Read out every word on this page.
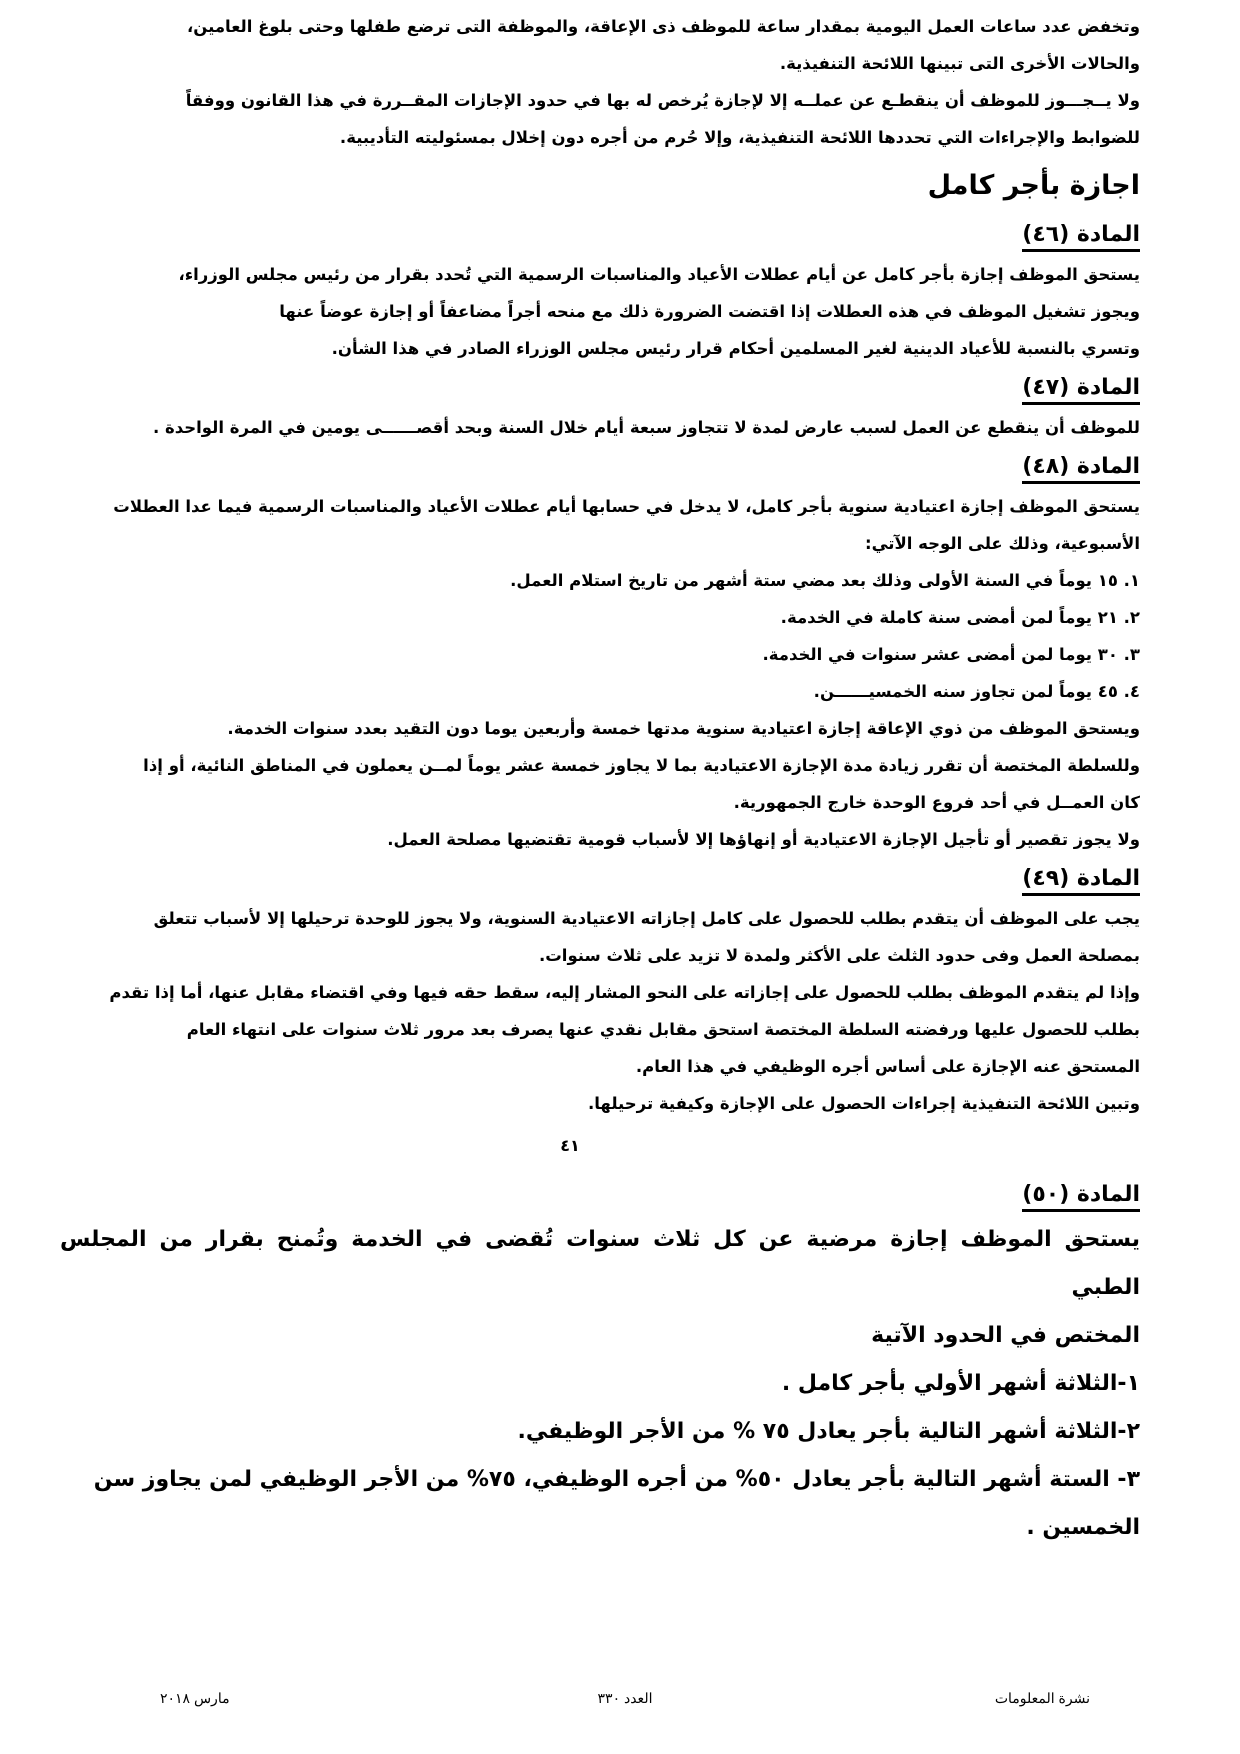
وتخفض عدد ساعات العمل اليومية بمقدار ساعة للموظف ذى الإعاقة، والموظفة التى ترضع طفلها وحتى بلوغ العامين،

والحالات الأخرى التى تبينها اللائحة التنفيذية.

ولا يــجـــوز للموظف أن ينقطـع عن عملــه إلا لإجازة يُرخص له بها في حدود الإجازات المقــررة في هذا القانون ووفقاً

للضوابط والإجراءات التي تحددها اللائحة التنفيذية، وإلا حُرم من أجره دون إخلال بمسئوليته التأديبية.

اجازة بأجر كامل
المادة (٤٦)

يستحق الموظف إجازة بأجر كامل عن أيام عطلات الأعياد والمناسبات الرسمية التي تُحدد بقرار من رئيس مجلس الوزراء،

ويجوز تشغيل الموظف في هذه العطلات إذا اقتضت الضرورة ذلك مع منحه أجراً مضاعفاً أو إجازة عوضاً عنها

وتسري بالنسبة للأعياد الدينية لغير المسلمين أحكام قرار رئيس مجلس الوزراء الصادر في هذا الشأن.

المادة (٤٧)

للموظف أن ينقطع عن العمل لسبب عارض لمدة لا تتجاوز سبعة أيام خلال السنة وبحد أقصــــــى يومين في المرة الواحدة .

المادة (٤٨)

يستحق الموظف إجازة اعتيادية سنوية بأجر كامل، لا يدخل في حسابها أيام عطلات الأعياد والمناسبات الرسمية فيما عدا العطلات

الأسبوعية، وذلك على الوجه الآتي:

١. ١٥ يوماً في السنة الأولى وذلك بعد مضي ستة أشهر من تاريخ استلام العمل.

٢. ٢١ يوماً لمن أمضى سنة كاملة في الخدمة.

٣. ٣٠ يوما لمن أمضى عشر سنوات في الخدمة.

٤. ٤٥ يوماً لمن تجاوز سنه الخمسيــــــن.

ويستحق الموظف من ذوي الإعاقة إجازة اعتيادية سنوية مدتها خمسة وأربعين يوما دون التقيد بعدد سنوات الخدمة.

وللسلطة المختصة أن تقرر زيادة مدة الإجازة الاعتيادية بما لا يجاوز خمسة عشر يوماً لمــن يعملون في المناطق النائية، أو إذا

كان العمــل في أحد فروع الوحدة خارج الجمهورية.

ولا يجوز تقصير أو تأجيل الإجازة الاعتيادية أو إنهاؤها إلا لأسباب قومية تقتضيها مصلحة العمل.

المادة (٤٩)

يجب على الموظف أن يتقدم بطلب للحصول على كامل إجازاته الاعتيادية السنوية، ولا يجوز للوحدة ترحيلها إلا لأسباب تتعلق

بمصلحة العمل وفى حدود الثلث على الأكثر ولمدة لا تزيد على ثلاث سنوات.

وإذا لم يتقدم الموظف بطلب للحصول على إجازاته على النحو المشار إليه، سقط حقه فيها وفي اقتضاء مقابل عنها، أما إذا تقدم

بطلب للحصول عليها ورفضته السلطة المختصة استحق مقابل نقدي عنها يصرف بعد مرور ثلاث سنوات على انتهاء العام

المستحق عنه الإجازة على أساس أجره الوظيفي في هذا العام.

وتبين اللائحة التنفيذية إجراءات الحصول على الإجازة وكيفية ترحيلها.

٤١
المادة (٥٠)

يستحق الموظف إجازة مرضية عن كل ثلاث سنوات تُقضى في الخدمة وتُمنح بقرار من المجلس الطبي

المختص في الحدود الآتية

١-الثلاثة أشهر الأولي بأجر كامل .

٢-الثلاثة أشهر التالية بأجر يعادل ٧٥ % من الأجر الوظيفي.

٣- الستة أشهر التالية بأجر يعادل ٥٠% من أجره الوظيفي، ٧٥% من الأجر الوظيفي لمن يجاوز سن

الخمسين .

نشرة المعلومات
العدد ٣٣٠
مارس ٢٠١٨
